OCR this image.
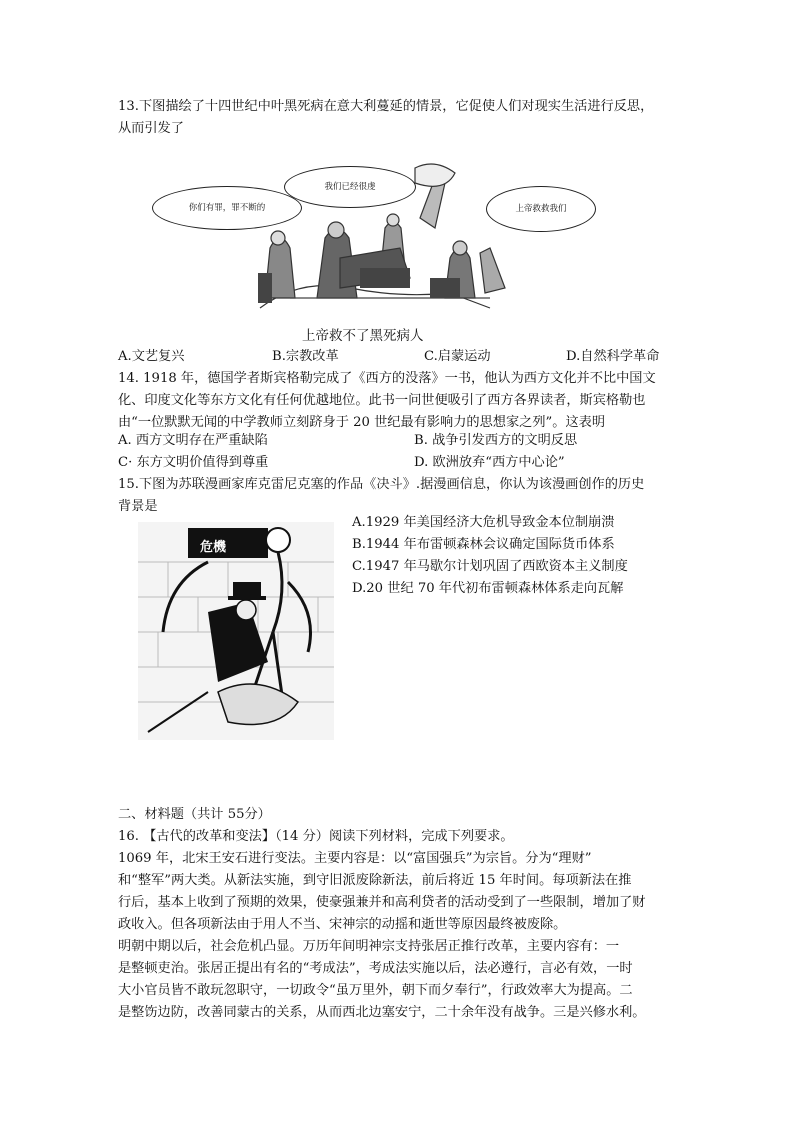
13.下图描绘了十四世纪中叶黑死病在意大利蔓延的情景，它促使人们对现实生活进行反思，
从而引发了
你们有罪，罪不断的
我们已经很虔
上帝救救我们
上帝救不了黑死病人
A.文艺复兴	B.宗教改革	C.启蒙运动	D.自然科学革命
14. 1918 年，德国学者斯宾格勒完成了《西方的没落》一书，他认为西方文化并不比中国文
化、印度文化等东方文化有任何优越地位。此书一问世便吸引了西方各界读者，斯宾格勒也
由“一位默默无闻的中学教师立刻跻身于 20 世纪最有影响力的思想家之列”。这表明
A. 西方文明存在严重缺陷	B. 战争引发西方的文明反思
C· 东方文明价值得到尊重	D. 欧洲放弃“西方中心论”
15.下图为苏联漫画家库克雷尼克塞的作品《决斗》.据漫画信息，你认为该漫画创作的历史
背景是
危機
A.1929 年美国经济大危机导致金本位制崩溃
B.1944 年布雷顿森林会议确定国际货币体系
C.1947 年马歇尔计划巩固了西欧资本主义制度
D.20 世纪 70 年代初布雷顿森林体系走向瓦解
二、材料题（共计 55分）
16. 【古代的改革和变法】（14 分）阅读下列材料，完成下列要求。
1069 年，北宋王安石进行变法。主要内容是：以“富国强兵”为宗旨。分为“理财”
和“整军”两大类。从新法实施，到守旧派废除新法，前后将近 15 年时间。每项新法在推
行后，基本上收到了预期的效果，使豪强兼并和高利贷者的活动受到了一些限制，增加了财
政收入。但各项新法由于用人不当、宋神宗的动摇和逝世等原因最终被废除。
明朝中期以后，社会危机凸显。万历年间明神宗支持张居正推行改革，主要内容有：一
是整顿吏治。张居正提出有名的“考成法”，考成法实施以后，法必遵行，言必有效，一时
大小官员皆不敢玩忽职守，一切政令“虽万里外，朝下而夕奉行”，行政效率大为提高。二
是整饬边防，改善同蒙古的关系，从而西北边塞安宁，二十余年没有战争。三是兴修水利。
